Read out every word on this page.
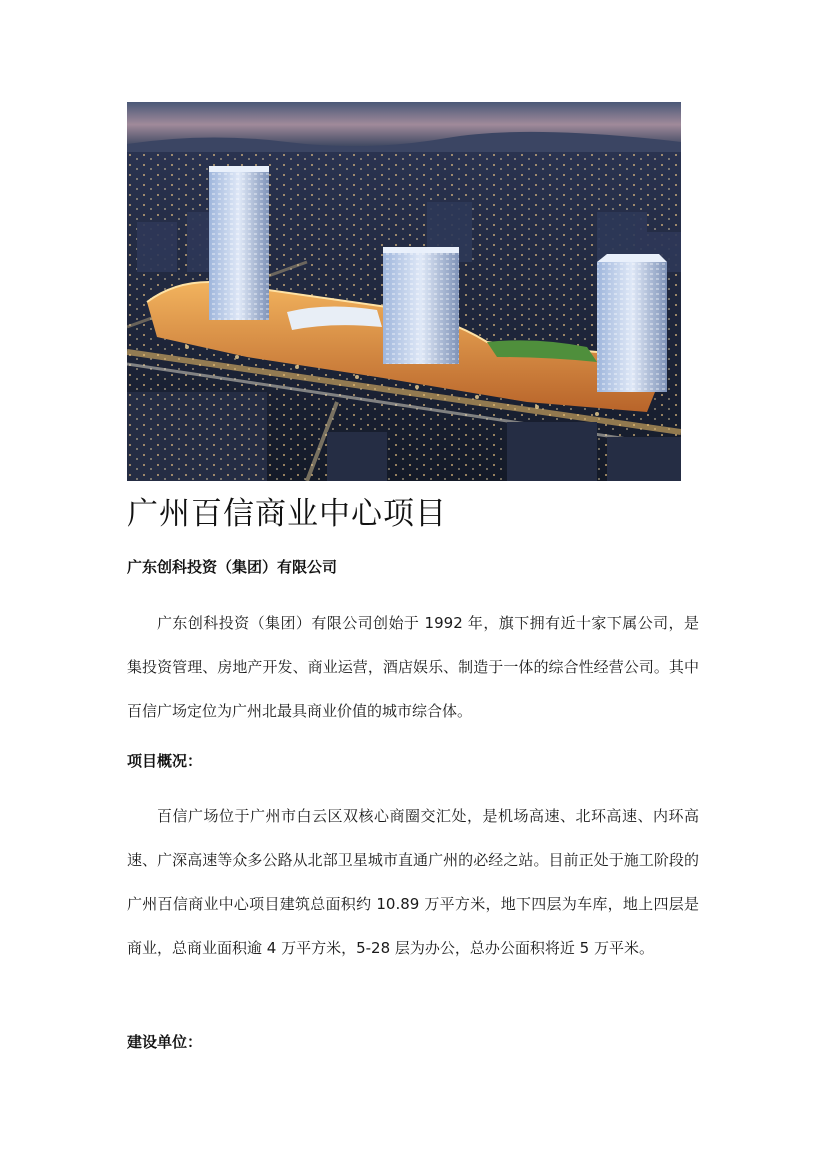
广州百信商业中心项目

广东创科投资（集团）有限公司

广东创科投资（集团）有限公司创始于 1992 年，旗下拥有近十家下属公司，是集投资管理、房地产开发、商业运营，酒店娱乐、制造于一体的综合性经营公司。其中百信广场定位为广州北最具商业价值的城市综合体。

项目概况：

百信广场位于广州市白云区双核心商圈交汇处，是机场高速、北环高速、内环高速、广深高速等众多公路从北部卫星城市直通广州的必经之站。目前正处于施工阶段的广州百信商业中心项目建筑总面积约 10.89 万平方米，地下四层为车库，地上四层是商业，总商业面积逾 4 万平方米，5-28 层为办公，总办公面积将近 5 万平米。

建设单位：
